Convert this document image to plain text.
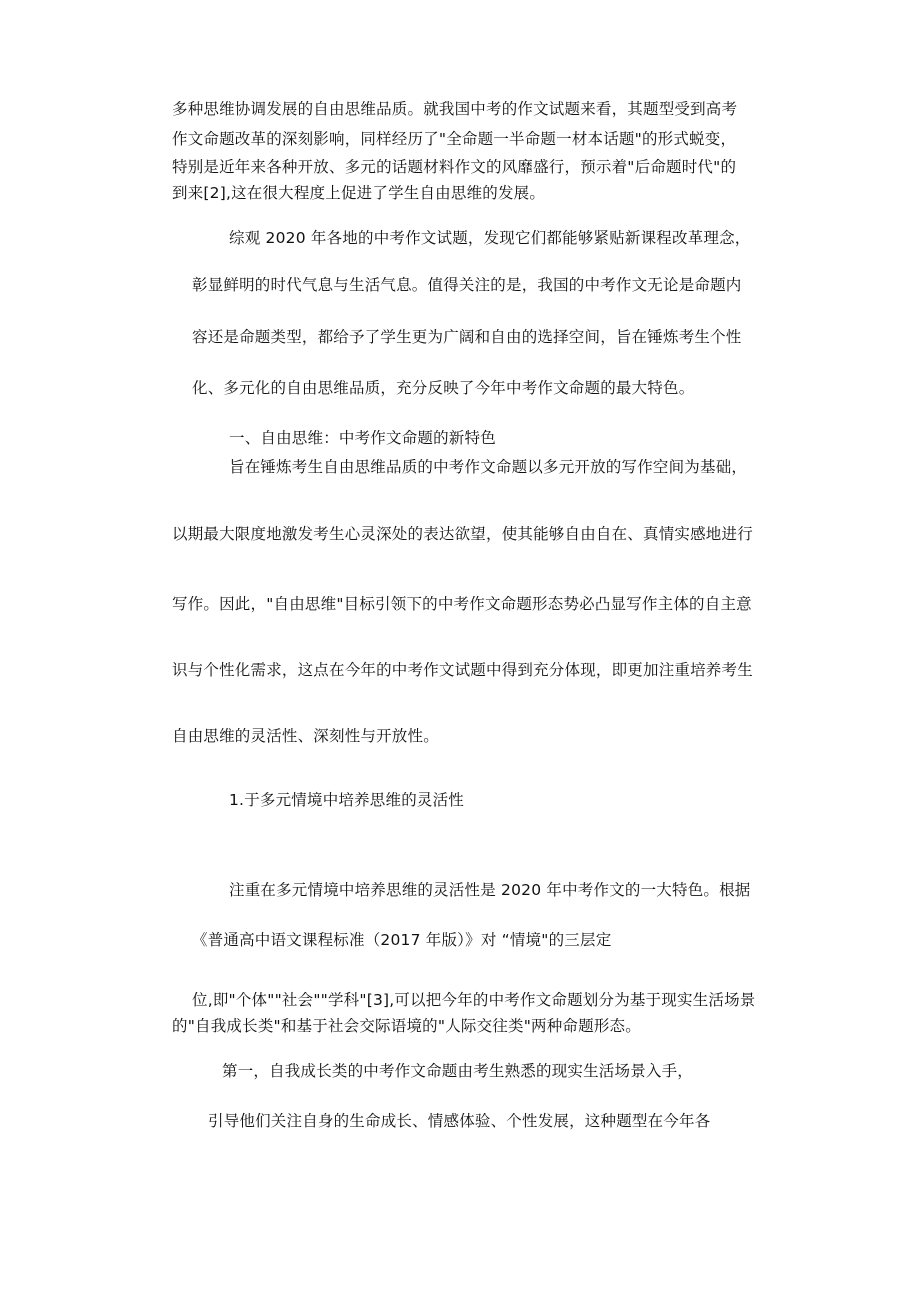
多种思维协调发展的自由思维品质。就我国中考的作文试题来看，其题型受到高考
作文命题改革的深刻影响，同样经历了"全命题一半命题一材本话题"的形式蜕变，
特别是近年来各种开放、多元的话题材料作文的风靡盛行，预示着"后命题时代"的
到来[2],这在很大程度上促进了学生自由思维的发展。
综观 2020 年各地的中考作文试题，发现它们都能够紧贴新课程改革理念，
彰显鲜明的时代气息与生活气息。值得关注的是，我国的中考作文无论是命题内
容还是命题类型，都给予了学生更为广阔和自由的选择空间，旨在锤炼考生个性
化、多元化的自由思维品质，充分反映了今年中考作文命题的最大特色。
一、自由思维：中考作文命题的新特色
旨在锤炼考生自由思维品质的中考作文命题以多元开放的写作空间为基础，
以期最大限度地激发考生心灵深处的表达欲望，使其能够自由自在、真情实感地进行
写作。因此，"自由思维"目标引领下的中考作文命题形态势必凸显写作主体的自主意
识与个性化需求，这点在今年的中考作文试题中得到充分体现，即更加注重培养考生
自由思维的灵活性、深刻性与开放性。
1.于多元情境中培养思维的灵活性
注重在多元情境中培养思维的灵活性是 2020 年中考作文的一大特色。根据
《普通高中语文课程标准（2017 年版）》对 “情境"的三层定
位,即"个体""社会""学科"[3],可以把今年的中考作文命题划分为基于现实生活场景
的"自我成长类"和基于社会交际语境的"人际交往类"两种命题形态。
第一，自我成长类的中考作文命题由考生熟悉的现实生活场景入手，
引导他们关注自身的生命成长、情感体验、个性发展，这种题型在今年各
